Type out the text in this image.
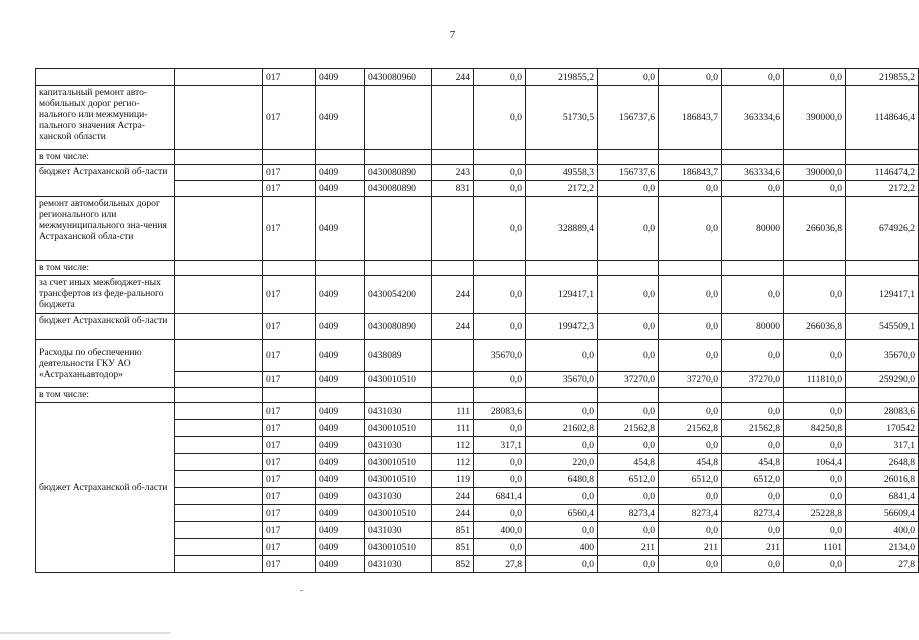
7
		017	0409	0430080960	244	0,0	219855,2	0,0	0,0	0,0	0,0	219855,2
капитальный ремонт авто-мобильных дорог регио-нального или межмуници-пального значения Астра-ханской области		017	0409			0,0	51730,5	156737,6	186843,7	363334,6	390000,0	1148646,4
в том числе:												
бюджет Астраханской об-ласти		017	0409	0430080890	243	0,0	49558,3	156737,6	186843,7	363334,6	390000,0	1146474,2
		017	0409	0430080890	831	0,0	2172,2	0,0	0,0	0,0	0,0	2172,2
ремонт автомобильных дорог регионального или межмуниципального зна-чения Астраханской обла-сти		017	0409			0,0	328889,4	0,0	0,0	80000	266036,8	674926,2
в том числе:												
за счет иных межбюджет-ных трансфертов из феде-рального бюджета		017	0409	0430054200	244	0,0	129417,1	0,0	0,0	0,0	0,0	129417,1
бюджет Астраханской об-ласти		017	0409	0430080890	244	0,0	199472,3	0,0	0,0	80000	266036,8	545509,1
Расходы по обеспечению деятельности ГКУ АО «Астраханьавтодор»		017	0409	0438089		35670,0	0,0	0,0	0,0	0,0	0,0	35670,0
		017	0409	0430010510		0,0	35670,0	37270,0	37270,0	37270,0	111810,0	259290,0
в том числе:												
бюджет Астраханской об-ласти		017	0409	0431030	111	28083,6	0,0	0,0	0,0	0,0	0,0	28083,6
		017	0409	0430010510	111	0,0	21602,8	21562,8	21562,8	21562,8	84250,8	170542
		017	0409	0431030	112	317,1	0,0	0,0	0,0	0,0	0,0	317,1
		017	0409	0430010510	112	0,0	220,0	454,8	454,8	454,8	1064,4	2648,8
		017	0409	0430010510	119	0,0	6480,8	6512,0	6512,0	6512,0	0,0	26016,8
		017	0409	0431030	244	6841,4	0,0	0,0	0,0	0,0	0,0	6841,4
		017	0409	0430010510	244	0,0	6560,4	8273,4	8273,4	8273,4	25228,8	56609,4
		017	0409	0431030	851	400,0	0,0	0,0	0,0	0,0	0,0	400,0
		017	0409	0430010510	851	0,0	400	211	211	211	1101	2134,0
		017	0409	0431030	852	27,8	0,0	0,0	0,0	0,0	0,0	27,8
